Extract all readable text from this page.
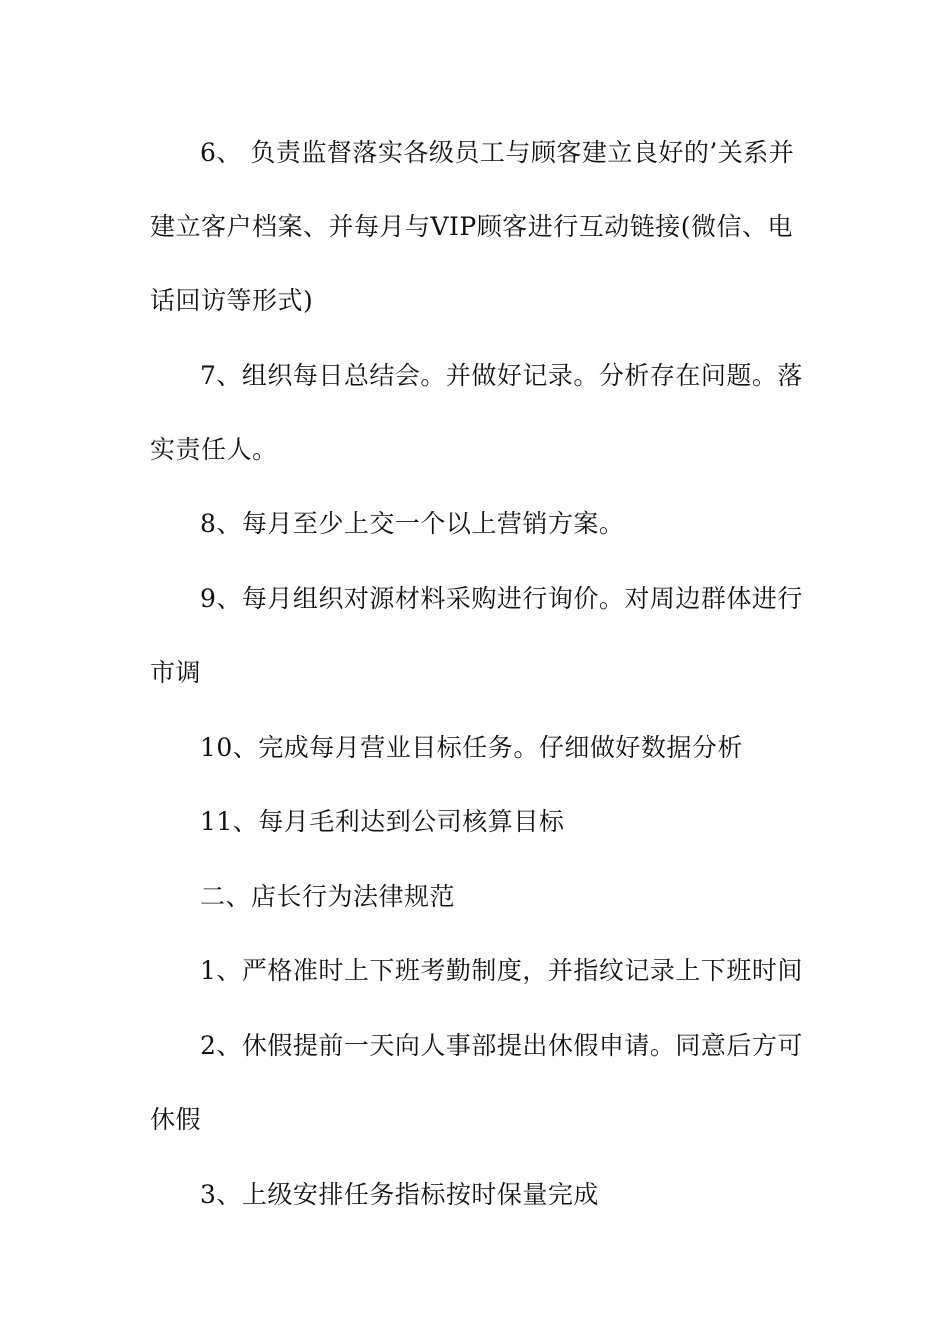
6、 负责监督落实各级员工与顾客建立良好的’关系并
建立客户档案、并每月与VIP顾客进行互动链接(微信、电
话回访等形式)
7、组织每日总结会。并做好记录。分析存在问题。落
实责任人。
8、每月至少上交一个以上营销方案。
9、每月组织对源材料采购进行询价。对周边群体进行
市调
10、完成每月营业目标任务。仔细做好数据分析
11、每月毛利达到公司核算目标
二、店长行为法律规范
1、严格准时上下班考勤制度，并指纹记录上下班时间
2、休假提前一天向人事部提出休假申请。同意后方可
休假
3、上级安排任务指标按时保量完成
